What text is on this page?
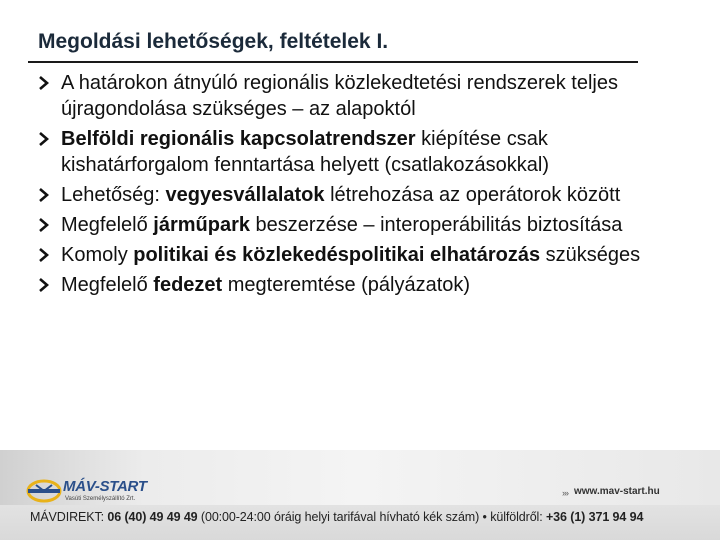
Megoldási lehetőségek, feltételek I.
A határokon átnyúló regionális közlekedtetési rendszerek teljes újragondolása szükséges – az alapoktól
Belföldi regionális kapcsolatrendszer kiépítése csak kishatárforgalom fenntartása helyett (csatlakozásokkal)
Lehetőség: vegyesvállalatok létrehozása az operátorok között
Megfelelő járműpark beszerzése – interoperábilitás biztosítása
Komoly politikai és közlekedéspolitikai elhatározás szükséges
Megfelelő fedezet megteremtése (pályázatok)
MÁV-START
Vasúti Személyszállító Zrt.
››› www.mav-start.hu
MÁVDIREKT: 06 (40) 49 49 49 (00:00-24:00 óráig helyi tarifával hívható kék szám) • külföldről: +36 (1) 371 94 94
